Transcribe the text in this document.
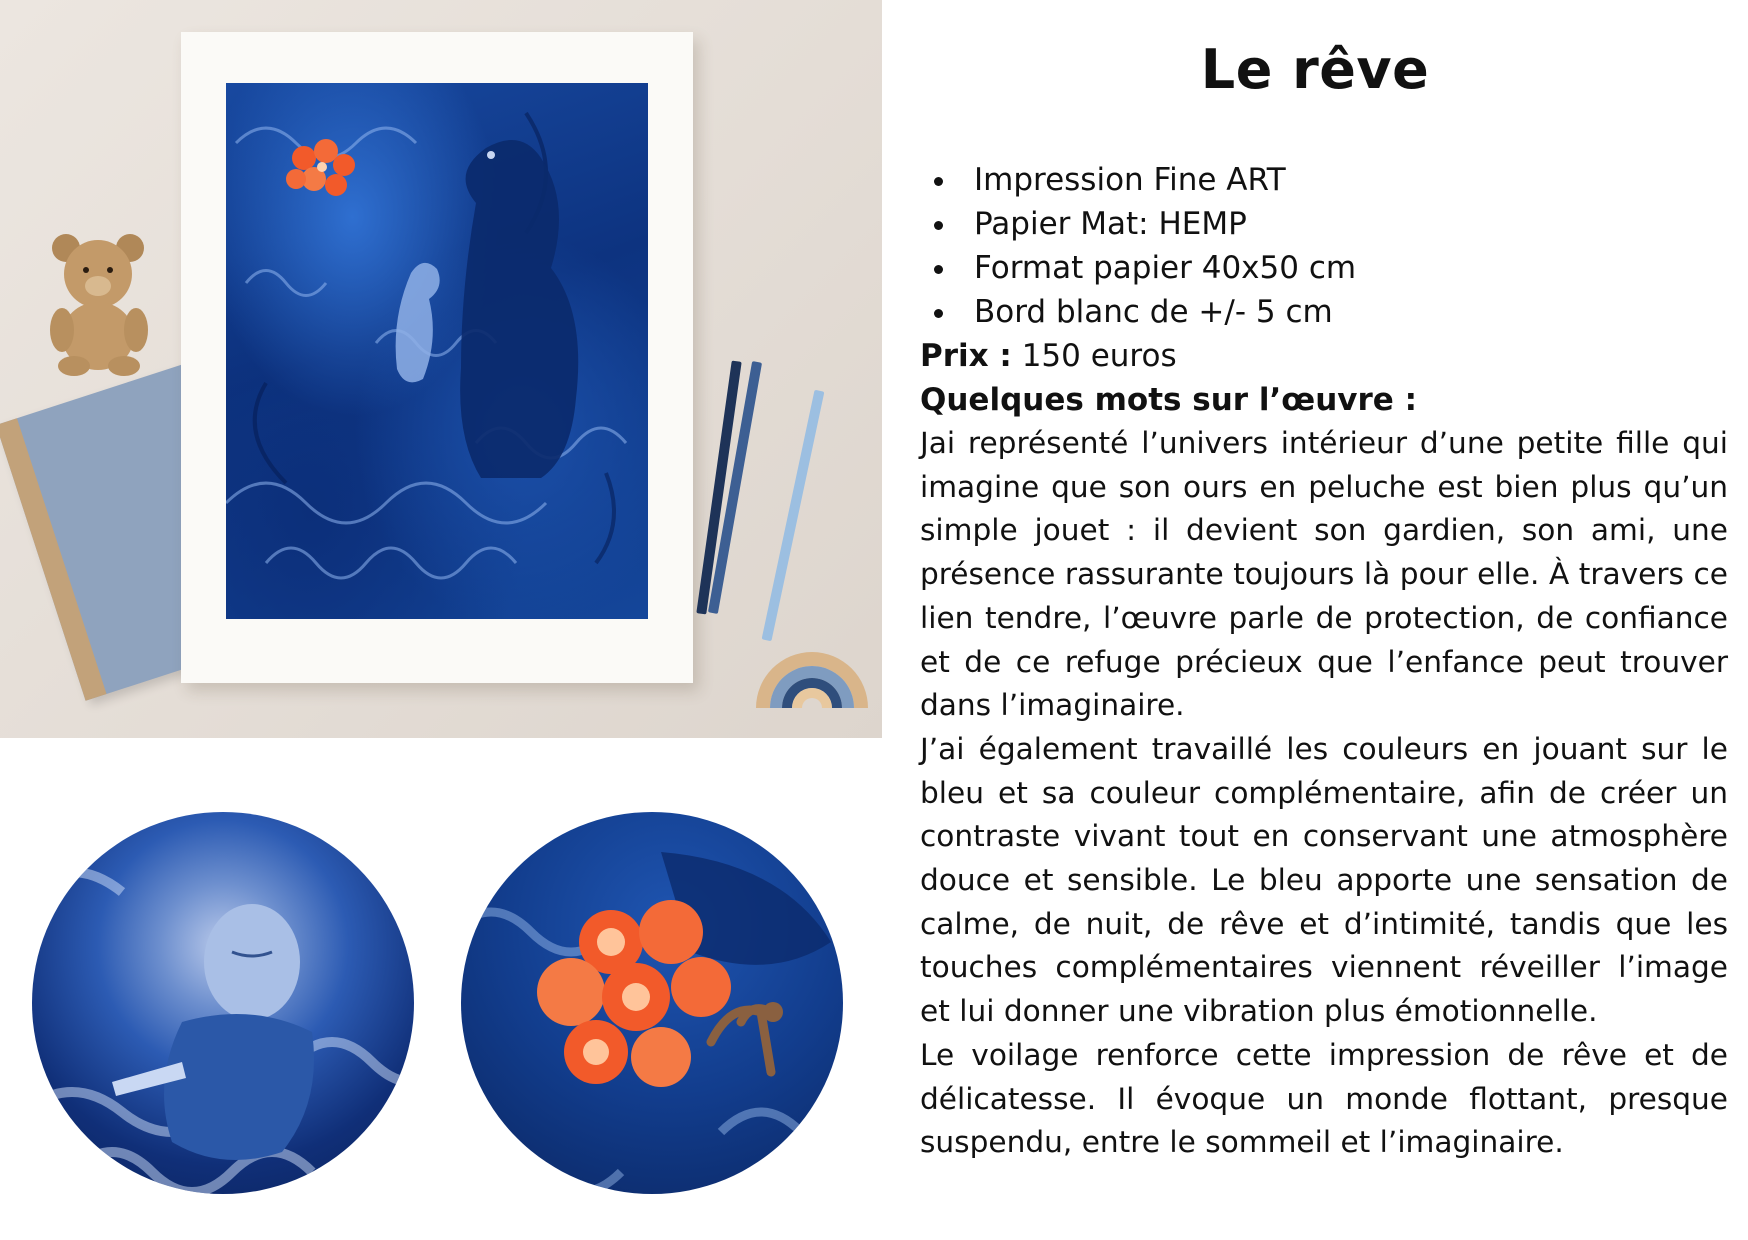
Le rêve
Impression Fine ART
Papier Mat: HEMP
Format papier 40x50 cm
Bord blanc de +/- 5 cm

Prix : 150 euros

Quelques mots sur l’œuvre :

Jai représenté l’univers intérieur d’une petite fille qui imagine que son ours en peluche est bien plus qu’un simple jouet : il devient son gardien, son ami, une présence rassurante toujours là pour elle. À travers ce lien tendre, l’œuvre parle de protection, de confiance et de ce refuge précieux que l’enfance peut trouver dans l’imaginaire.

J’ai également travaillé les couleurs en jouant sur le bleu et sa couleur complémentaire, afin de créer un contraste vivant tout en conservant une atmosphère douce et sensible. Le bleu apporte une sensation de calme, de nuit, de rêve et d’intimité, tandis que les touches complémentaires viennent réveiller l’image et lui donner une vibration plus émotionnelle.

Le voilage renforce cette impression de rêve et de délicatesse. Il évoque un monde flottant, presque suspendu, entre le sommeil et l’imaginaire.
